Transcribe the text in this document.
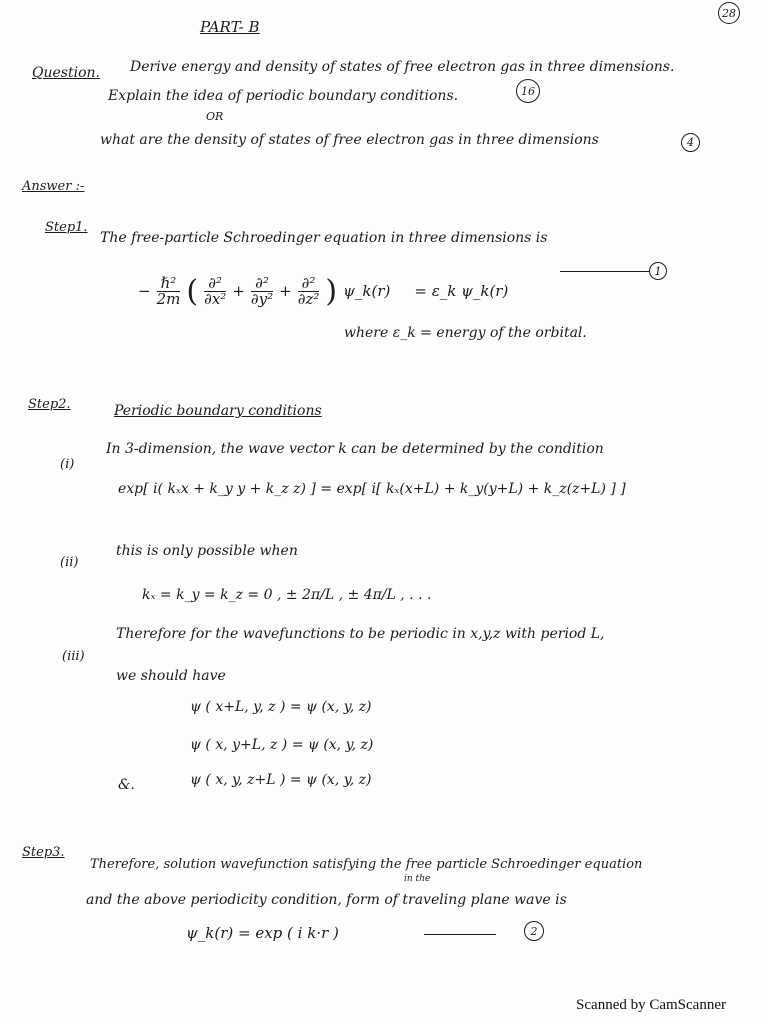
28
PART- B
Question. Derive energy and density of states of free electron gas in three dimensions.
Explain the idea of periodic boundary conditions.	16
OR
what are the density of states of free electron gas in three dimensions	4
Answer :-
Step1.
The free-particle Schroedinger equation in three dimensions is
− $\frac{\text{ℏ²}}{2m}$ ( $\frac{\text{∂²}}{\text{∂x²}} + \frac{\text{∂²}}{\text{∂y²}} + \frac{\text{∂²}}{\text{∂z²}}$ ) ψ_k(r) = ε_k ψ_k(r)
1
where ε_k = energy of the orbital.
Step2.	Periodic boundary conditions
(i)
In 3-dimension, the wave vector k can be determined by the condition
exp[ i( kₓx + k_y y + k_z z) ] = exp[ i[ kₓ(x+L) + k_y(y+L) + k_z(z+L) ] ]
(ii)
this is only possible when
kₓ = k_y = k_z = 0 , ± 2π/L , ± 4π/L , . . .
(iii)
Therefore for the wavefunctions to be periodic in x,y,z with period L,
we should have
ψ ( x+L, y, z ) = ψ (x, y, z)
ψ ( x, y+L, z ) = ψ (x, y, z)
&.	ψ ( x, y, z+L ) = ψ (x, y, z)
Step3.
Therefore, solution wavefunction satisfying the free particle Schroedinger equation
in the
and the above periodicity condition, form of traveling plane wave is
ψ_k(r) = exp ( i k·r )	2
Scanned by CamScanner
